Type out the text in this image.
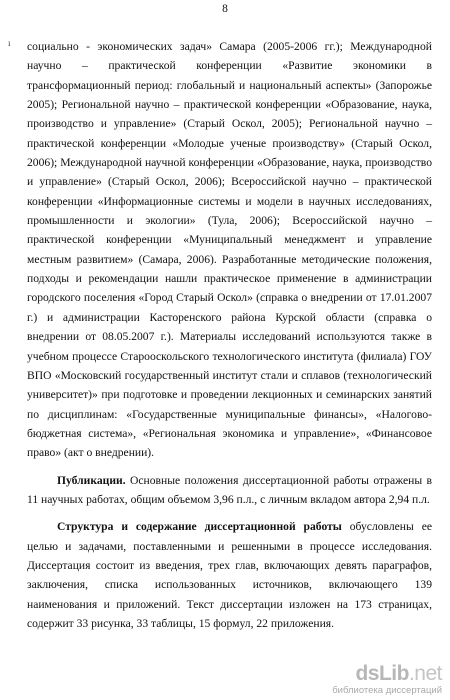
8
ı социально - экономических задач» Самара (2005-2006 гг.); Международной научно – практической конференции «Развитие экономики в трансформационный период: глобальный и национальный аспекты» (Запорожье 2005); Региональной научно – практической конференции «Образование, наука, производство и управление» (Старый Оскол, 2005); Региональной научно – практической конференции «Молодые ученые производству» (Старый Оскол, 2006); Международной научной конференции «Образование, наука, производство и управление» (Старый Оскол, 2006); Всероссийской научно – практической конференции «Информационные системы и модели в научных исследованиях, промышленности и экологии» (Тула, 2006); Всероссийской научно – практической конференции «Муниципальный менеджмент и управление местным развитием» (Самара, 2006). Разработанные методические положения, подходы и рекомендации нашли практическое применение в администрации городского поселения «Город Старый Оскол» (справка о внедрении от 17.01.2007 г.) и администрации Касторенского района Курской области (справка о внедрении от 08.05.2007 г.). Материалы исследований используются также в учебном процессе Старооскольского технологического института (филиала) ГОУ ВПО «Московский государственный институт стали и сплавов (технологический университет)» при подготовке и проведении лекционных и семинарских занятий по дисциплинам: «Государственные муниципальные финансы», «Налогово-бюджетная система», «Региональная экономика и управление», «Финансовое право» (акт о внедрении).

Публикации. Основные положения диссертационной работы отражены в 11 научных работах, общим объемом 3,96 п.л., с личным вкладом автора 2,94 п.л.

Структура и содержание диссертационной работы обусловлены ее целью и задачами, поставленными и решенными в процессе исследования. Диссертация состоит из введения, трех глав, включающих девять параграфов, заключения, списка использованных источников, включающего 139 наименования и приложений. Текст диссертации изложен на 173 страницах, содержит 33 рисунка, 33 таблицы, 15 формул, 22 приложения.

dsLib.net
библиотека диссертаций
